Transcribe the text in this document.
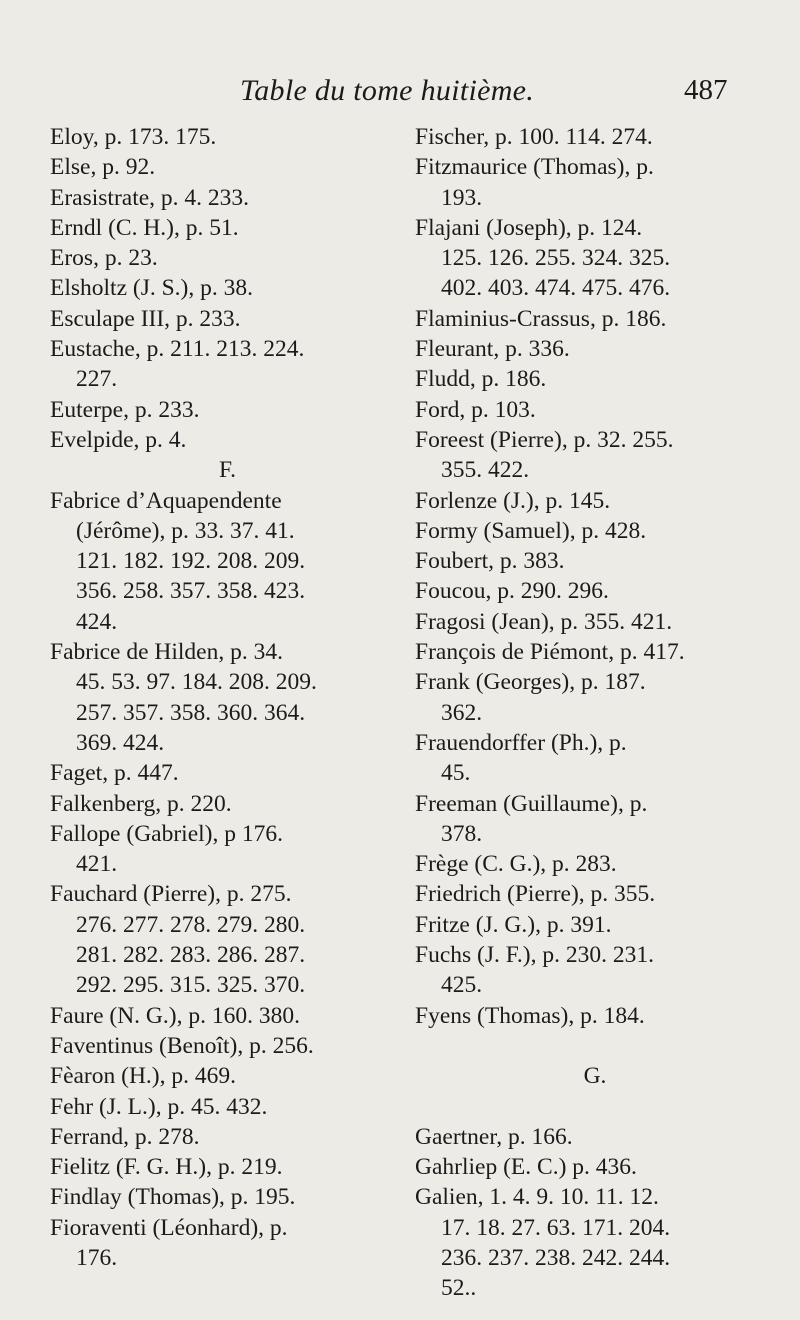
Table du tome huitième.	487
Eloy, p. 173. 175.
Else, p. 92.
Erasistrate, p. 4. 233.
Erndl (C. H.), p. 51.
Eros, p. 23.
Elsholtz (J. S.), p. 38.
Esculape III, p. 233.
Eustache, p. 211. 213. 224.
227.
Euterpe, p. 233.
Evelpide, p. 4.
F.
Fabrice d’Aquapendente
(Jérôme), p. 33. 37. 41.
121. 182. 192. 208. 209.
356. 258. 357. 358. 423.
424.
Fabrice de Hilden, p. 34.
45. 53. 97. 184. 208. 209.
257. 357. 358. 360. 364.
369. 424.
Faget, p. 447.
Falkenberg, p. 220.
Fallope (Gabriel), p 176.
421.
Fauchard (Pierre), p. 275.
276. 277. 278. 279. 280.
281. 282. 283. 286. 287.
292. 295. 315. 325. 370.
Faure (N. G.), p. 160. 380.
Faventinus (Benoît), p. 256.
Fèaron (H.), p. 469.
Fehr (J. L.), p. 45. 432.
Ferrand, p. 278.
Fielitz (F. G. H.), p. 219.
Findlay (Thomas), p. 195.
Fioraventi (Léonhard), p.
176.
Fischer, p. 100. 114. 274.
Fitzmaurice (Thomas), p.
193.
Flajani (Joseph), p. 124.
125. 126. 255. 324. 325.
402. 403. 474. 475. 476.
Flaminius-Crassus, p. 186.
Fleurant, p. 336.
Fludd, p. 186.
Ford, p. 103.
Foreest (Pierre), p. 32. 255.
355. 422.
Forlenze (J.), p. 145.
Formy (Samuel), p. 428.
Foubert, p. 383.
Foucou, p. 290. 296.
Fragosi (Jean), p. 355. 421.
François de Piémont, p. 417.
Frank (Georges), p. 187.
362.
Frauendorffer (Ph.), p.
45.
Freeman (Guillaume), p.
378.
Frège (C. G.), p. 283.
Friedrich (Pierre), p. 355.
Fritze (J. G.), p. 391.
Fuchs (J. F.), p. 230. 231.
425.
Fyens (Thomas), p. 184.
G.
Gaertner, p. 166.
Gahrliep (E. C.) p. 436.
Galien, 1. 4. 9. 10. 11. 12.
17. 18. 27. 63. 171. 204.
236. 237. 238. 242. 244.
52..
